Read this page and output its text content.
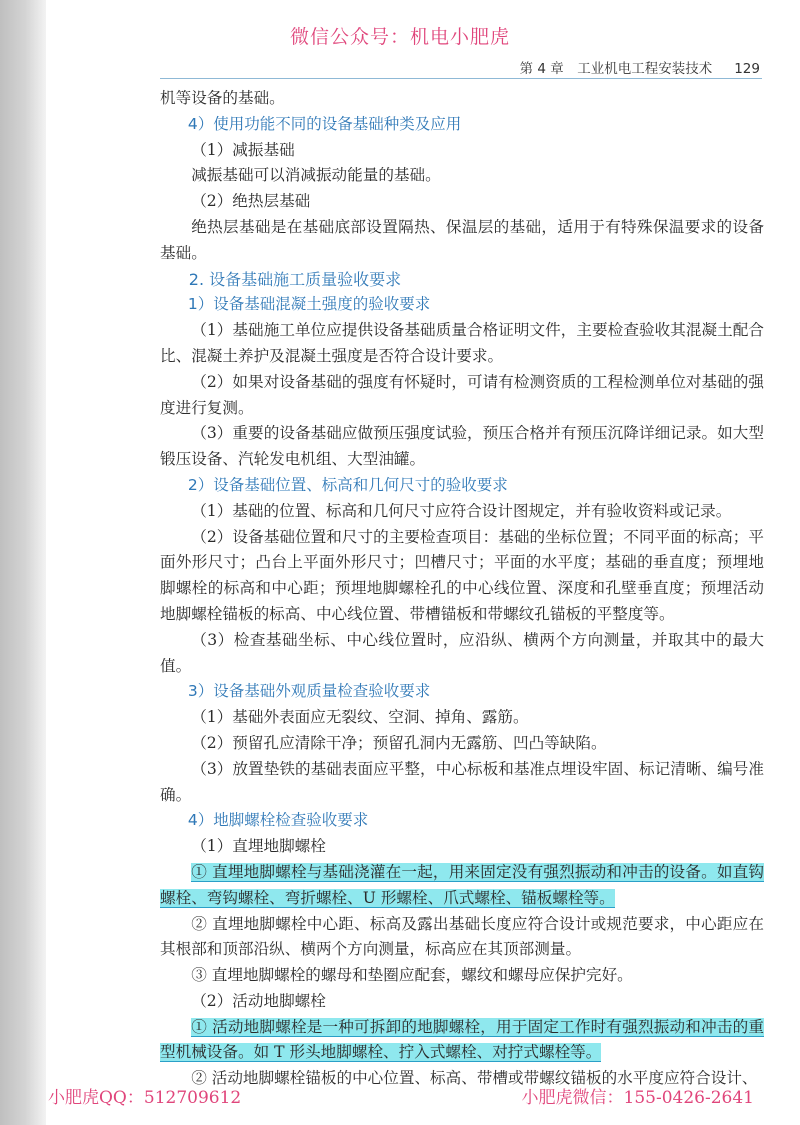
微信公众号：机电小肥虎
第 4 章　工业机电工程安装技术 129

机等设备的基础。

4）使用功能不同的设备基础种类及应用

（1）减振基础

减振基础可以消减振动能量的基础。

（2）绝热层基础

绝热层基础是在基础底部设置隔热、保温层的基础，适用于有特殊保温要求的设备基础。

2. 设备基础施工质量验收要求

1）设备基础混凝土强度的验收要求

（1）基础施工单位应提供设备基础质量合格证明文件，主要检查验收其混凝土配合比、混凝土养护及混凝土强度是否符合设计要求。

（2）如果对设备基础的强度有怀疑时，可请有检测资质的工程检测单位对基础的强度进行复测。

（3）重要的设备基础应做预压强度试验，预压合格并有预压沉降详细记录。如大型锻压设备、汽轮发电机组、大型油罐。

2）设备基础位置、标高和几何尺寸的验收要求

（1）基础的位置、标高和几何尺寸应符合设计图规定，并有验收资料或记录。

（2）设备基础位置和尺寸的主要检查项目：基础的坐标位置；不同平面的标高；平面外形尺寸；凸台上平面外形尺寸；凹槽尺寸；平面的水平度；基础的垂直度；预埋地脚螺栓的标高和中心距；预埋地脚螺栓孔的中心线位置、深度和孔壁垂直度；预埋活动地脚螺栓锚板的标高、中心线位置、带槽锚板和带螺纹孔锚板的平整度等。

（3）检查基础坐标、中心线位置时，应沿纵、横两个方向测量，并取其中的最大值。

3）设备基础外观质量检查验收要求

（1）基础外表面应无裂纹、空洞、掉角、露筋。

（2）预留孔应清除干净；预留孔洞内无露筋、凹凸等缺陷。

（3）放置垫铁的基础表面应平整，中心标板和基准点埋设牢固、标记清晰、编号准确。

4）地脚螺栓检查验收要求

（1）直埋地脚螺栓

① 直埋地脚螺栓与基础浇灌在一起，用来固定没有强烈振动和冲击的设备。如直钩螺栓、弯钩螺栓、弯折螺栓、U 形螺栓、爪式螺栓、锚板螺栓等。

② 直埋地脚螺栓中心距、标高及露出基础长度应符合设计或规范要求，中心距应在其根部和顶部沿纵、横两个方向测量，标高应在其顶部测量。

③ 直埋地脚螺栓的螺母和垫圈应配套，螺纹和螺母应保护完好。

（2）活动地脚螺栓

① 活动地脚螺栓是一种可拆卸的地脚螺栓，用于固定工作时有强烈振动和冲击的重型机械设备。如 T 形头地脚螺栓、拧入式螺栓、对拧式螺栓等。

② 活动地脚螺栓锚板的中心位置、标高、带槽或带螺纹锚板的水平度应符合设计、

小肥虎QQ：512709612	小肥虎微信：155-0426-2641
